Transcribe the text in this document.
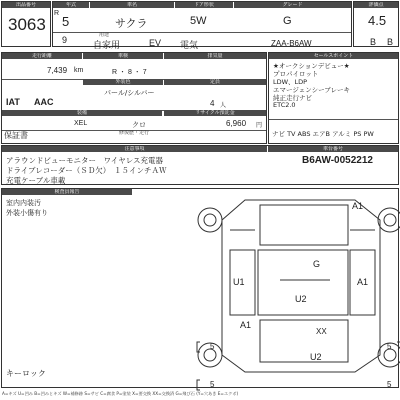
出品番号
3063
年式	車名	ドア形状	グレード
R
5
9
サクラ	5W	G
用途
自家用	EV 電気	ZAA-B6AW
評価点
4.5
B B
走行距離	車検	排気量
7,439 km	R ・ 8 ・ 7
外装色	定員
IAT AAC
パール/シルバー
4 人
装備	リサイクル預託金
XEL	クロ	6,960 円
修復歴・走行
保証書
セールスポイント
★オークションデビュー★
プロパイロット
LDW、LDP
エマージェンシーブレーキ
純正走行ナビ
ETC2.0
ナビ TV ABS エアB アルミ PS PW
注意事項	車台番号
アラウンドビューモニター　ワイヤレス充電器
ドライブレコーダー（ＳＤ欠）　１５インチＡＷ
充電ケーブル車載
B6AW-0052212
検査員報告
室内内装汚
外装小傷有り
キーロック
A1
G
U1	A1
U2
A1
XX
U2
5	5
5	5
A=キズ U=凹み B=凹みとキズ W=補修跡 S=サビ C=腐食 P=塗装 X=要交換 XX=交換済 G=飛び石 (Y=穴あき E=エクボ)
